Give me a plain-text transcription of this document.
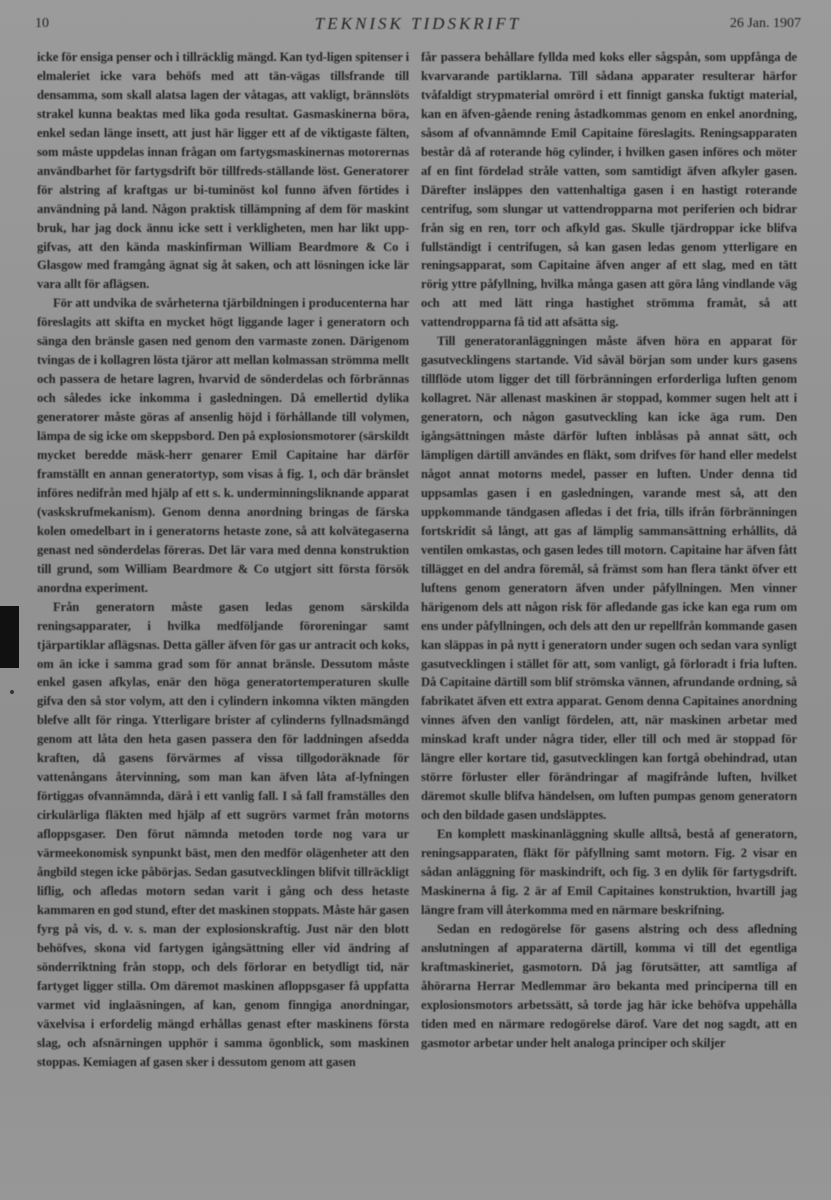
10	TEKNISK TIDSKRIFT	26 Jan. 1907

icke för ensiga penser och i tillräcklig mängd. Kan tyd-ligen spitenser i elmaleriet icke vara behöfs med att tän-vägas tillsfrande till densamma, som skall alatsa lagen der våtagas, att vakligt, brännslöts strakel kunna beaktas med lika goda resultat. Gasmaskinerna böra, enkel sedan länge insett, att just här ligger ett af de viktigaste fälten, som måste uppdelas innan frågan om fartygsmaskinernas motorernas användbarhet för fartygsdrift bör tillfreds-ställande löst. Generatorer för alstring af kraftgas ur bi-tuminöst kol funno äfven förtides i användning på land. Någon praktisk tillämpning af dem för maskint bruk, har jag dock ännu icke sett i verkligheten, men har likt upp-gifvas, att den kända maskinfirman William Beardmore & Co i Glasgow med framgång ägnat sig åt saken, och att lösningen icke lär vara allt för aflägsen.

För att undvika de svårheterna tjärbildningen i producenterna har föreslagits att skifta en mycket högt liggande lager i generatorn och sänga den bränsle gasen ned genom den varmaste zonen. Därigenom tvingas de i kollagren lösta tjäror att mellan kolmassan strömma mellt och passera de hetare lagren, hvarvid de sönderdelas och förbrännas och således icke inkomma i gasledningen. Då emellertid dylika generatorer måste göras af ansenlig höjd i förhållande till volymen, lämpa de sig icke om skeppsbord. Den på explosionsmotorer (särskildt mycket beredde mäsk-herr genarer Emil Capitaine har därför framställt en annan generatortyp, som visas å fig. 1, och där bränslet införes nedifrån med hjälp af ett s. k. underminningsliknande apparat (vaskskrufmekanism). Genom denna anordning bringas de färska kolen omedelbart in i generatorns hetaste zone, så att kolvätegaserna genast ned sönderdelas föreras. Det lär vara med denna konstruktion till grund, som William Beardmore & Co utgjort sitt första försök anordna experiment.

Från generatorn måste gasen ledas genom särskilda reningsapparater, i hvilka medföljande föroreningar samt tjärpartiklar aflägsnas. Detta gäller äfven för gas ur antracit och koks, om än icke i samma grad som för annat bränsle. Dessutom måste enkel gasen afkylas, enär den höga generatortemperaturen skulle gifva den så stor volym, att den i cylindern inkomna vikten mängden blefve allt för ringa. Ytterligare brister af cylinderns fyllnadsmängd genom att låta den heta gasen passera den för laddningen afsedda kraften, då gasens förvärmes af vissa tillgodoräknade för vattenångans återvinning, som man kan äfven låta af-lyfningen förtiggas ofvannämnda, därå i ett vanlig fall. I så fall framställes den cirkulärliga fläkten med hjälp af ett sugrörs varmet från motorns afloppsgaser. Den förut nämnda metoden torde nog vara ur värmeekonomisk synpunkt bäst, men den medför olägenheter att den ångbild stegen icke påbörjas. Sedan gasutvecklingen blifvit tillräckligt liflig, och afledas motorn sedan varit i gång och dess hetaste kammaren en god stund, efter det maskinen stoppats. Måste här gasen fyrg på vis, d. v. s. man der explosionskraftig. Just när den blott behöfves, skona vid fartygen igångsättning eller vid ändring af sönderriktning från stopp, och dels förlorar en betydligt tid, när fartyget ligger stilla. Om däremot maskinen afloppsgaser få uppfatta varmet vid inglaäsningen, af kan, genom finngiga anordningar, växelvisa i erfordelig mängd erhållas genast efter maskinens första slag, och afsnärningen upphör i samma ögonblick, som maskinen stoppas. Kemiagen af gasen sker i dessutom genom att gasen

får passera behållare fyllda med koks eller sågspån, som uppfånga de kvarvarande partiklarna. Till sådana apparater resulterar härfor tvåfaldigt strypmaterial omrörd i ett finnigt ganska fuktigt material, kan en äfven-gående rening åstadkommas genom en enkel anordning, såsom af ofvannämnde Emil Capitaine föreslagits. Reningsapparaten består då af roterande hög cylinder, i hvilken gasen införes och möter af en fint fördelad stråle vatten, som samtidigt äfven afkyler gasen. Därefter insläppes den vattenhaltiga gasen i en hastigt roterande centrifug, som slungar ut vattendropparna mot periferien och bidrar från sig en ren, torr och afkyld gas. Skulle tjärdroppar icke blifva fullständigt i centrifugen, så kan gasen ledas genom ytterligare en reningsapparat, som Capitaine äfven anger af ett slag, med en tätt rörig yttre påfyllning, hvilka många gasen att göra lång vindlande väg och att med lätt ringa hastighet strömma framåt, så att vattendropparna få tid att afsätta sig.

Till generatoranläggningen måste äfven höra en apparat för gasutvecklingens startande. Vid såväl början som under kurs gasens tillflöde utom ligger det till förbränningen erforderliga luften genom kollagret. När allenast maskinen är stoppad, kommer sugen helt att i generatorn, och någon gasutveckling kan icke äga rum. Den igångsättningen måste därför luften inblåsas på annat sätt, och lämpligen därtill användes en fläkt, som drifves för hand eller medelst något annat motorns medel, passer en luften. Under denna tid uppsamlas gasen i en gasledningen, varande mest så, att den uppkommande tändgasen afledas i det fria, tills ifrån förbränningen fortskridit så långt, att gas af lämplig sammansättning erhållits, då ventilen omkastas, och gasen ledes till motorn. Capitaine har äfven fått tillägget en del andra föremål, så främst som han flera tänkt öfver ett luftens genom generatorn äfven under påfyllningen. Men vinner härigenom dels att någon risk för afledande gas icke kan ega rum om ens under påfyllningen, och dels att den ur repellfrån kommande gasen kan släppas in på nytt i generatorn under sugen och sedan vara synligt gasutvecklingen i stället för att, som vanligt, gå förloradt i fria luften. Då Capitaine därtill som blif strömska vännen, afrundande ordning, så fabrikatet äfven ett extra apparat. Genom denna Capitaines anordning vinnes äfven den vanligt fördelen, att, när maskinen arbetar med minskad kraft under några tider, eller till och med är stoppad för längre eller kortare tid, gasutvecklingen kan fortgå obehindrad, utan större förluster eller förändringar af magifrånde luften, hvilket däremot skulle blifva händelsen, om luften pumpas genom generatorn och den bildade gasen undsläpptes.

En komplett maskinanläggning skulle alltså, bestå af generatorn, reningsapparaten, fläkt för påfyllning samt motorn. Fig. 2 visar en sådan anläggning för maskindrift, och fig. 3 en dylik för fartygsdrift. Maskinerna å fig. 2 är af Emil Capitaines konstruktion, hvartill jag längre fram vill återkomma med en närmare beskrifning.

Sedan en redogörelse för gasens alstring och dess afledning anslutningen af apparaterna därtill, komma vi till det egentliga kraftmaskineriet, gasmotorn. Då jag förutsätter, att samtliga af åhörarna Herrar Medlemmar äro bekanta med principerna till en explosionsmotors arbetssätt, så torde jag här icke behöfva uppehålla tiden med en närmare redogörelse därof. Vare det nog sagdt, att en gasmotor arbetar under helt analoga principer och skiljer
